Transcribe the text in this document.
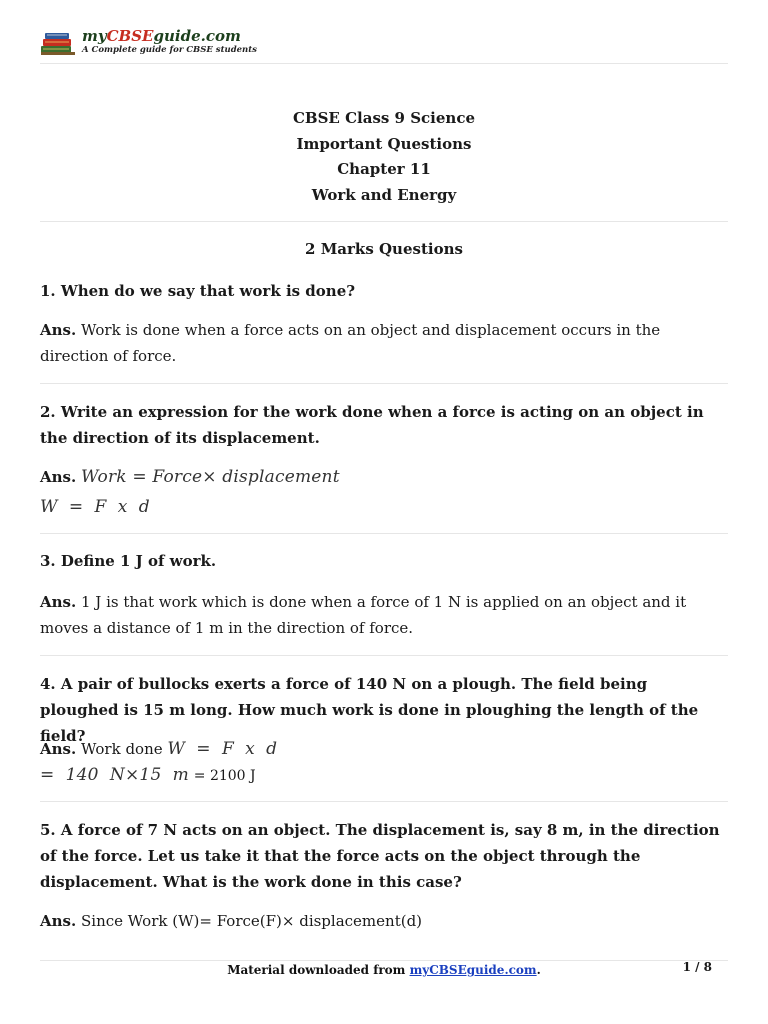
myCBSEguide.com
A Complete guide for CBSE students
CBSE Class 9 Science
Important Questions
Chapter 11
Work and Energy
2 Marks Questions
1. When do we say that work is done?
Ans. Work is done when a force acts on an object and displacement occurs in the direction of force.
2. Write an expression for the work done when a force is acting on an object in the direction of its displacement.
Ans. Work = Force× displacement
W  =  F  x  d
3. Define 1 J of work.
Ans. 1 J is that work which is done when a force of 1 N is applied on an object and it moves a distance of 1 m in the direction of force.
4. A pair of bullocks exerts a force of 140 N on a plough. The field being ploughed is 15 m long. How much work is done in ploughing the length of the field?
Ans. Work done W  =  F  x  d
=  140  N×15  m = 2100 J
5. A force of 7 N acts on an object. The displacement is, say 8 m, in the direction of the force. Let us take it that the force acts on the object through the displacement. What is the work done in this case?
Ans. Since Work (W)= Force(F)× displacement(d)
Material downloaded from myCBSEguide.com.	1 / 8
